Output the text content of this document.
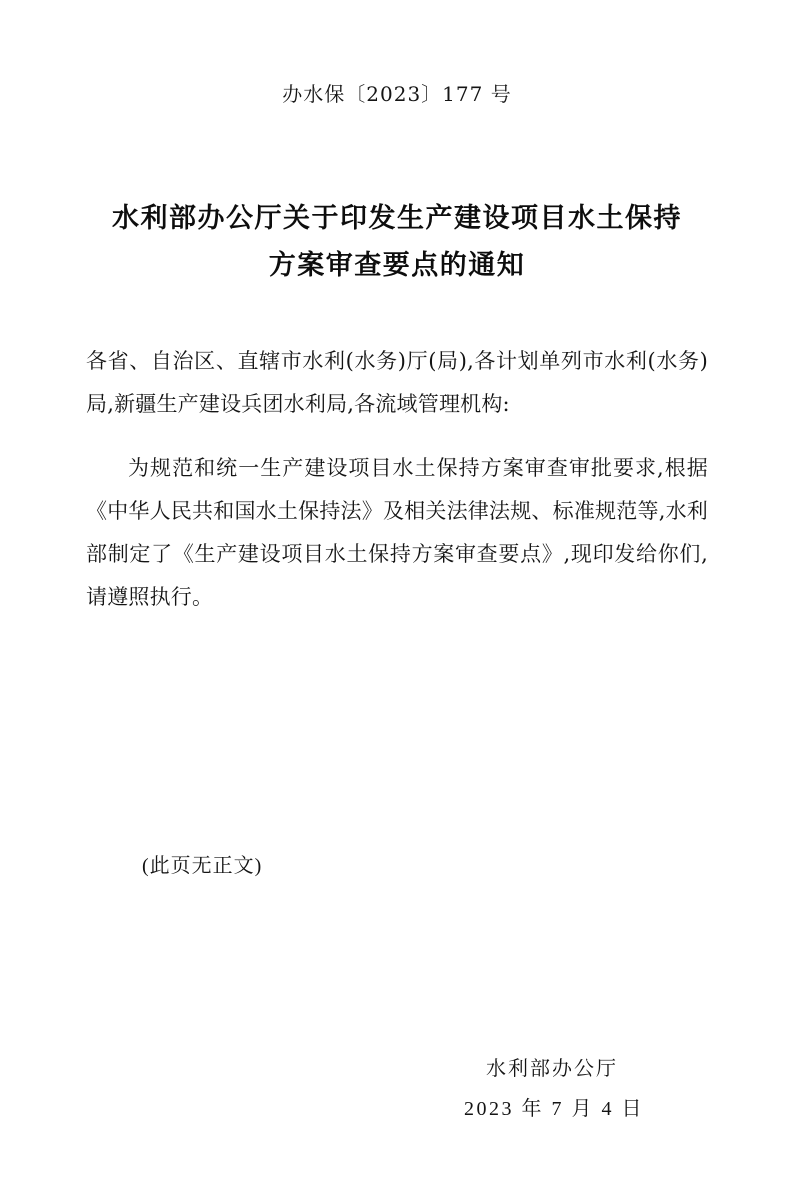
办水保〔2023〕177 号
水利部办公厅关于印发生产建设项目水土保持
方案审查要点的通知

各省、自治区、直辖市水利(水务)厅(局),各计划单列市水利(水务)局,新疆生产建设兵团水利局,各流域管理机构:

为规范和统一生产建设项目水土保持方案审查审批要求,根据《中华人民共和国水土保持法》及相关法律法规、标准规范等,水利部制定了《生产建设项目水土保持方案审查要点》,现印发给你们,请遵照执行。

(此页无正文)
水利部办公厅
2023 年 7 月 4 日
